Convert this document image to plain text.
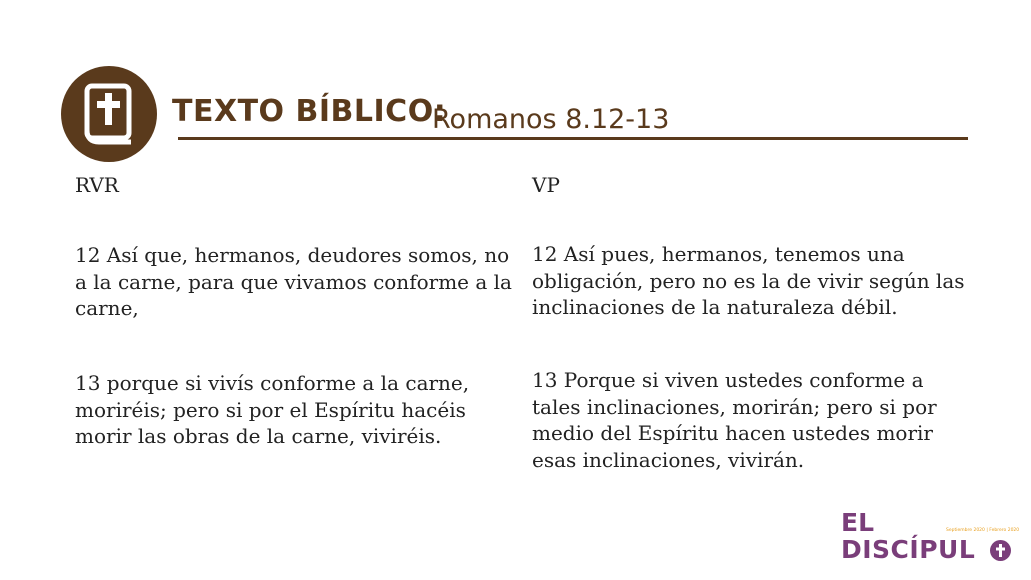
TEXTO BÍBLICO:
Romanos 8.12-13
RVR

12 Así que, hermanos, deudores somos, no a la carne, para que vivamos conforme a la carne,

13 porque si vivís conforme a la carne, moriréis; pero si por el Espíritu hacéis morir las obras de la carne, viviréis.

VP

12 Así pues, hermanos, tenemos una obligación, pero no es la de vivir según las inclinaciones de la naturaleza débil.

13 Porque si viven ustedes conforme a tales inclinaciones, morirán; pero si por medio del Espíritu hacen ustedes morir esas inclinaciones, vivirán.

EL	Septiembre 2020 | Febrero 2020
DISCÍPUL
